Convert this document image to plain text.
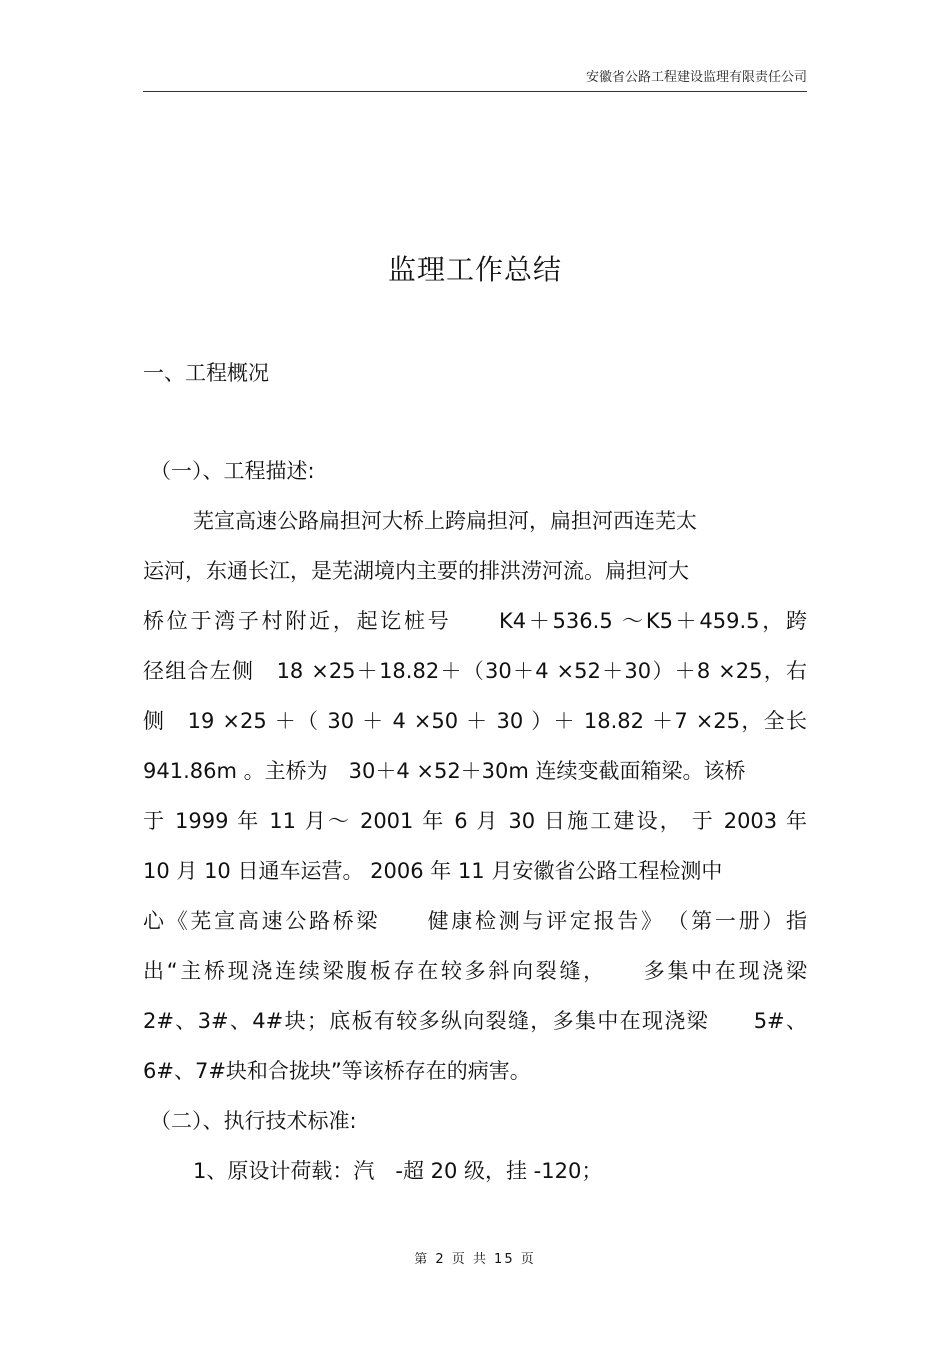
安徽省公路工程建设监理有限责任公司
监理工作总结
一、工程概况
（一）、工程描述:
芜宣高速公路扁担河大桥上跨扁担河，扁担河西连芜太
运河，东通长江，是芜湖境内主要的排洪涝河流。扁担河大
桥位于湾子村附近，起讫桩号　　K4＋536.5 ～K5＋459.5，跨
径组合左侧　18 ×25＋18.82＋（30＋4 ×52＋30）＋8 ×25，右
侧　19 ×25 ＋（ 30 ＋ 4 ×50 ＋ 30 ）＋ 18.82 ＋7 ×25，全长
941.86m 。主桥为　30＋4 ×52＋30m 连续变截面箱梁。该桥
于 1999 年 11 月～ 2001 年 6 月 30 日施工建设， 于 2003 年
10 月 10 日通车运营。 2006 年 11 月安徽省公路工程检测中
心《芜宣高速公路桥梁　　健康检测与评定报告》　（第一册）指
出“主桥现浇连续梁腹板存在较多斜向裂缝，　　多集中在现浇梁
2#、3#、4#块；底板有较多纵向裂缝，多集中在现浇梁　　5#、
6#、7#块和合拢块”等该桥存在的病害。
（二）、执行技术标准:
1、原设计荷载：汽　-超 20 级，挂 -120；
第 2 页 共 15 页
